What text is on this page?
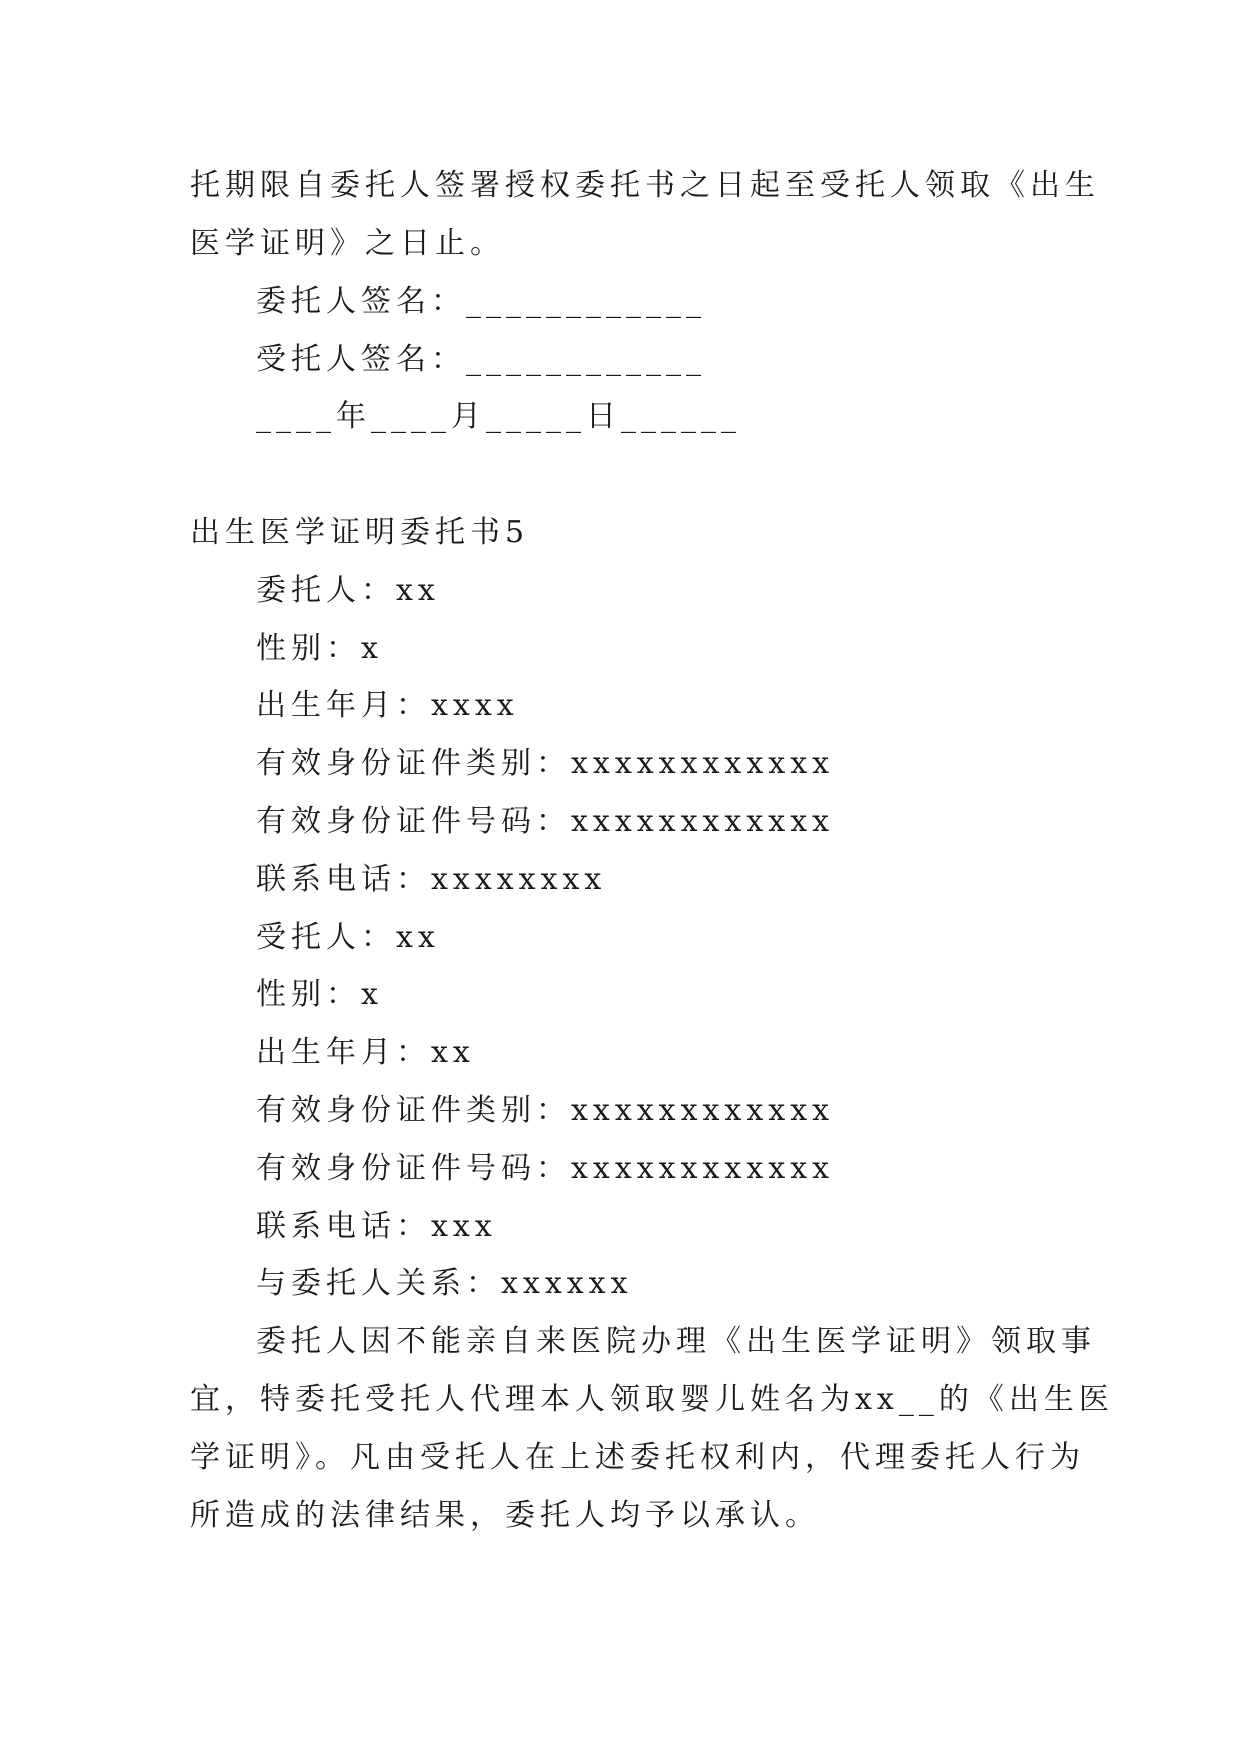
托期限自委托人签署授权委托书之日起至受托人领取《出生
医学证明》之日止。
委托人签名：____________
受托人签名：____________
____年____月_____日______
出生医学证明委托书5
委托人：xx
性别：x
出生年月：xxxx
有效身份证件类别：xxxxxxxxxxxx
有效身份证件号码：xxxxxxxxxxxx
联系电话：xxxxxxxx
受托人：xx
性别：x
出生年月：xx
有效身份证件类别：xxxxxxxxxxxx
有效身份证件号码：xxxxxxxxxxxx
联系电话：xxx
与委托人关系：xxxxxx
委托人因不能亲自来医院办理《出生医学证明》领取事
宜，特委托受托人代理本人领取婴儿姓名为xx__的《出生医
学证明》。凡由受托人在上述委托权利内，代理委托人行为
所造成的法律结果，委托人均予以承认。
